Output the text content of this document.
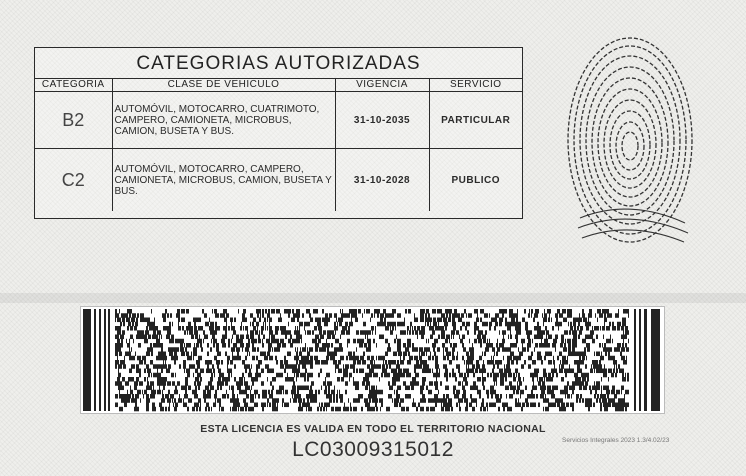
CATEGORIAS AUTORIZADAS
CATEGORIA	CLASE DE VEHICULO	VIGENCIA	SERVICIO
B2	AUTOMÓVIL, MOTOCARRO, CUATRIMOTO, CAMPERO, CAMIONETA, MICROBUS, CAMION, BUSETA Y BUS.	31-10-2035	PARTICULAR
C2	AUTOMÓVIL, MOTOCARRO, CAMPERO, CAMIONETA, MICROBUS, CAMION, BUSETA Y BUS.	31-10-2028	PUBLICO
ESTA LICENCIA ES VALIDA EN TODO EL TERRITORIO NACIONAL
Servicios Integrales 2023 1.3/4.02/23
LC03009315012
